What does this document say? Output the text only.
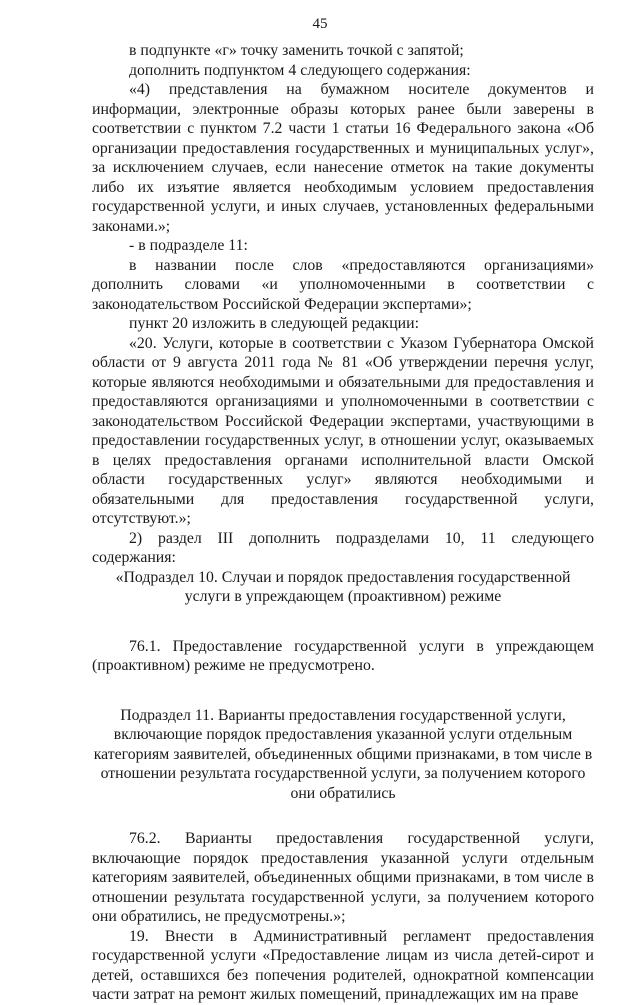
45

в подпункте «г» точку заменить точкой с запятой;

дополнить подпунктом 4 следующего содержания:

«4) представления на бумажном носителе документов и информации, электронные образы которых ранее были заверены в соответствии с пунктом 7.2 части 1 статьи 16 Федерального закона «Об организации предоставления государственных и муниципальных услуг», за исключением случаев, если нанесение отметок на такие документы либо их изъятие является необходимым условием предоставления государственной услуги, и иных случаев, установленных федеральными законами.»;

- в подразделе 11:

в названии после слов «предоставляются организациями» дополнить словами «и уполномоченными в соответствии с законодательством Российской Федерации экспертами»;

пункт 20 изложить в следующей редакции:

«20. Услуги, которые в соответствии с Указом Губернатора Омской области от 9 августа 2011 года № 81 «Об утверждении перечня услуг, которые являются необходимыми и обязательными для предоставления и предоставляются организациями и уполномоченными в соответствии с законодательством Российской Федерации экспертами, участвующими в предоставлении государственных услуг, в отношении услуг, оказываемых в целях предоставления органами исполнительной власти Омской области государственных услуг» являются необходимыми и обязательными для предоставления государственной услуги, отсутствуют.»;

2) раздел III дополнить подразделами 10, 11 следующего содержания:

«Подраздел 10. Случаи и порядок предоставления государственной услуги в упреждающем (проактивном) режиме

76.1. Предоставление государственной услуги в упреждающем (проактивном) режиме не предусмотрено.

Подраздел 11. Варианты предоставления государственной услуги, включающие порядок предоставления указанной услуги отдельным категориям заявителей, объединенных общими признаками, в том числе в отношении результата государственной услуги, за получением которого они обратились

76.2. Варианты предоставления государственной услуги, включающие порядок предоставления указанной услуги отдельным категориям заявителей, объединенных общими признаками, в том числе в отношении результата государственной услуги, за получением которого они обратились, не предусмотрены.»;

19. Внести в Административный регламент предоставления государственной услуги «Предоставление лицам из числа детей-сирот и детей, оставшихся без попечения родителей, однократной компенсации части затрат на ремонт жилых помещений, принадлежащих им на праве
